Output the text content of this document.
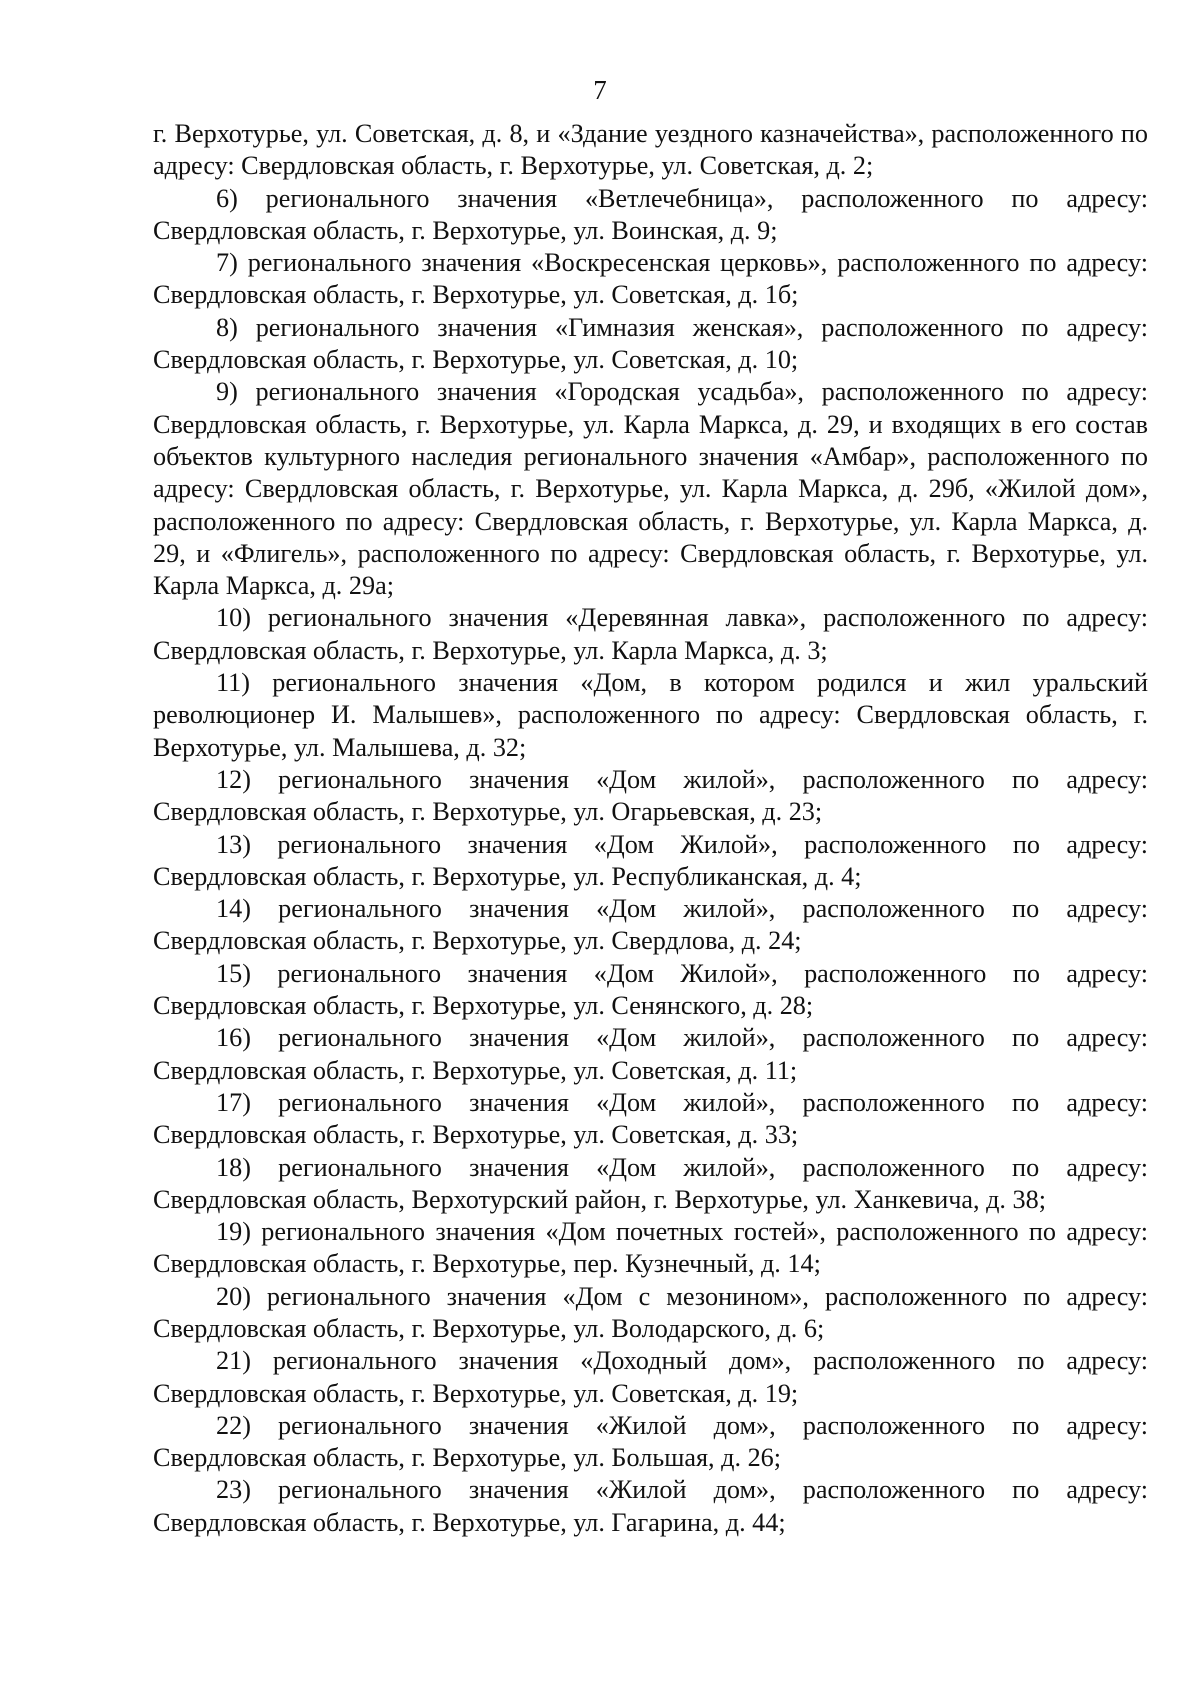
7

г. Верхотурье, ул. Советская, д. 8, и «Здание уездного казначейства», расположенного по адресу: Свердловская область, г. Верхотурье, ул. Советская, д. 2;

6) регионального значения «Ветлечебница», расположенного по адресу: Свердловская область, г. Верхотурье, ул. Воинская, д. 9;

7) регионального значения «Воскресенская церковь», расположенного по адресу: Свердловская область, г. Верхотурье, ул. Советская, д. 1б;

8) регионального значения «Гимназия женская», расположенного по адресу: Свердловская область, г. Верхотурье, ул. Советская, д. 10;

9) регионального значения «Городская усадьба», расположенного по адресу: Свердловская область, г. Верхотурье, ул. Карла Маркса, д. 29, и входящих в его состав объектов культурного наследия регионального значения «Амбар», расположенного по адресу: Свердловская область, г. Верхотурье, ул. Карла Маркса, д. 29б, «Жилой дом», расположенного по адресу: Свердловская область, г. Верхотурье, ул. Карла Маркса, д. 29, и «Флигель», расположенного по адресу: Свердловская область, г. Верхотурье, ул. Карла Маркса, д. 29а;

10) регионального значения «Деревянная лавка», расположенного по адресу: Свердловская область, г. Верхотурье, ул. Карла Маркса, д. 3;

11) регионального значения «Дом, в котором родился и жил уральский революционер И. Малышев», расположенного по адресу: Свердловская область, г. Верхотурье, ул. Малышева, д. 32;

12) регионального значения «Дом жилой», расположенного по адресу: Свердловская область, г. Верхотурье, ул. Огарьевская, д. 23;

13) регионального значения «Дом Жилой», расположенного по адресу: Свердловская область, г. Верхотурье, ул. Республиканская, д. 4;

14) регионального значения «Дом жилой», расположенного по адресу: Свердловская область, г. Верхотурье, ул. Свердлова, д. 24;

15) регионального значения «Дом Жилой», расположенного по адресу: Свердловская область, г. Верхотурье, ул. Сенянского, д. 28;

16) регионального значения «Дом жилой», расположенного по адресу: Свердловская область, г. Верхотурье, ул. Советская, д. 11;

17) регионального значения «Дом жилой», расположенного по адресу: Свердловская область, г. Верхотурье, ул. Советская, д. 33;

18) регионального значения «Дом жилой», расположенного по адресу: Свердловская область, Верхотурский район, г. Верхотурье, ул. Ханкевича, д. 38;

19) регионального значения «Дом почетных гостей», расположенного по адресу: Свердловская область, г. Верхотурье, пер. Кузнечный, д. 14;

20) регионального значения «Дом с мезонином», расположенного по адресу: Свердловская область, г. Верхотурье, ул. Володарского, д. 6;

21) регионального значения «Доходный дом», расположенного по адресу: Свердловская область, г. Верхотурье, ул. Советская, д. 19;

22) регионального значения «Жилой дом», расположенного по адресу: Свердловская область, г. Верхотурье, ул. Большая, д. 26;

23) регионального значения «Жилой дом», расположенного по адресу: Свердловская область, г. Верхотурье, ул. Гагарина, д. 44;
